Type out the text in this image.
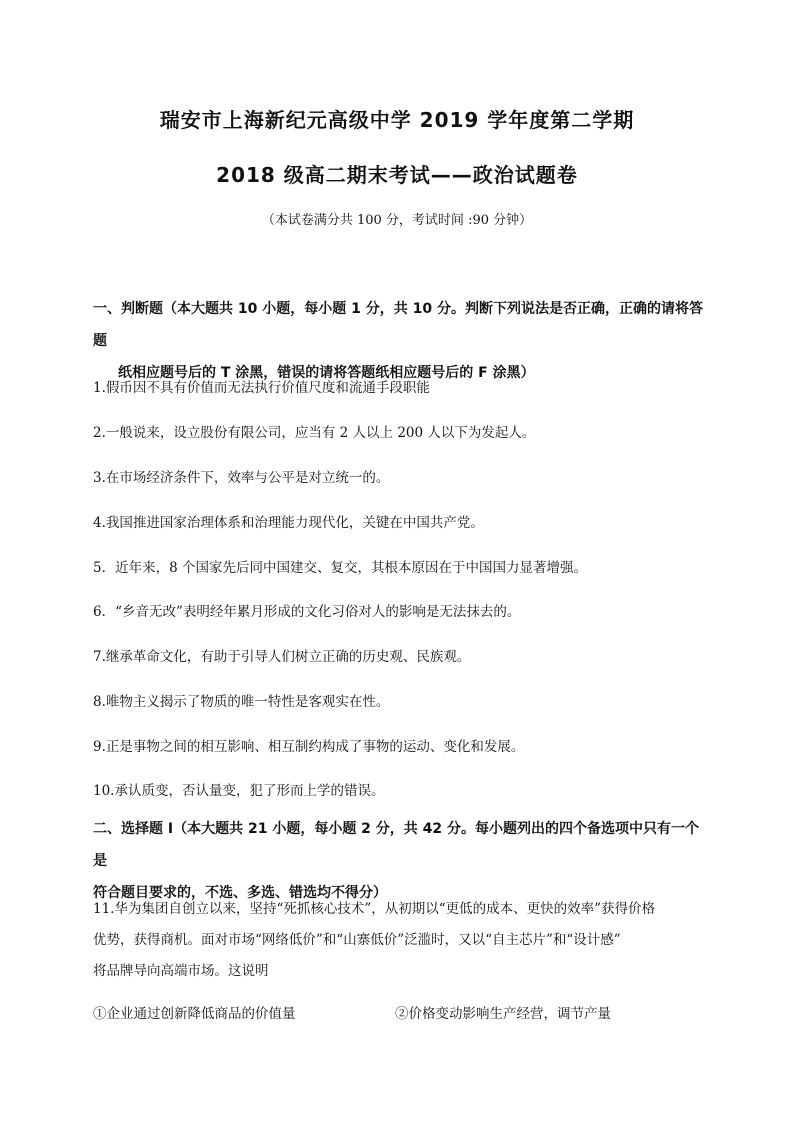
瑞安市上海新纪元高级中学 2019 学年度第二学期
2018 级高二期末考试——政治试题卷
（本试卷满分共 100 分，考试时间 :90 分钟）
一、判断题（本大题共 10 小题，每小题 1 分，共 10 分。判断下列说法是否正确，正确的请将答题

纸相应题号后的 T 涂黑，错误的请将答题纸相应题号后的 F 涂黑）
1.假币因不具有价值而无法执行价值尺度和流通手段职能
2.一般说来，设立股份有限公司，应当有 2 人以上 200 人以下为发起人。
3.在市场经济条件下，效率与公平是对立统一的。
4.我国推进国家治理体系和治理能力现代化，关键在中国共产党。
5．近年来，8 个国家先后同中国建交、复交，其根本原因在于中国国力显著增强。
6．“乡音无改”表明经年累月形成的文化习俗对人的影响是无法抹去的。
7.继承革命文化，有助于引导人们树立正确的历史观、民族观。
8.唯物主义揭示了物质的唯一特性是客观实在性。
9.正是事物之间的相互影响、相互制约构成了事物的运动、变化和发展。
10.承认质变，否认量变，犯了形而上学的错误。
二、选择题 I（本大题共 21 小题，每小题 2 分，共 42 分。每小题列出的四个备选项中只有一个是
符合题目要求的，不选、多选、错选均不得分）
11.华为集团自创立以来，坚持“死抓核心技术”，从初期以“更低的成本、更快的效率”获得价格
优势，获得商机。面对市场“网络低价”和“山寨低价”泛滥时，又以“自主芯片”和“设计感”
将品牌导向高端市场。这说明
①企业通过创新降低商品的价值量	②价格变动影响生产经营，调节产量
